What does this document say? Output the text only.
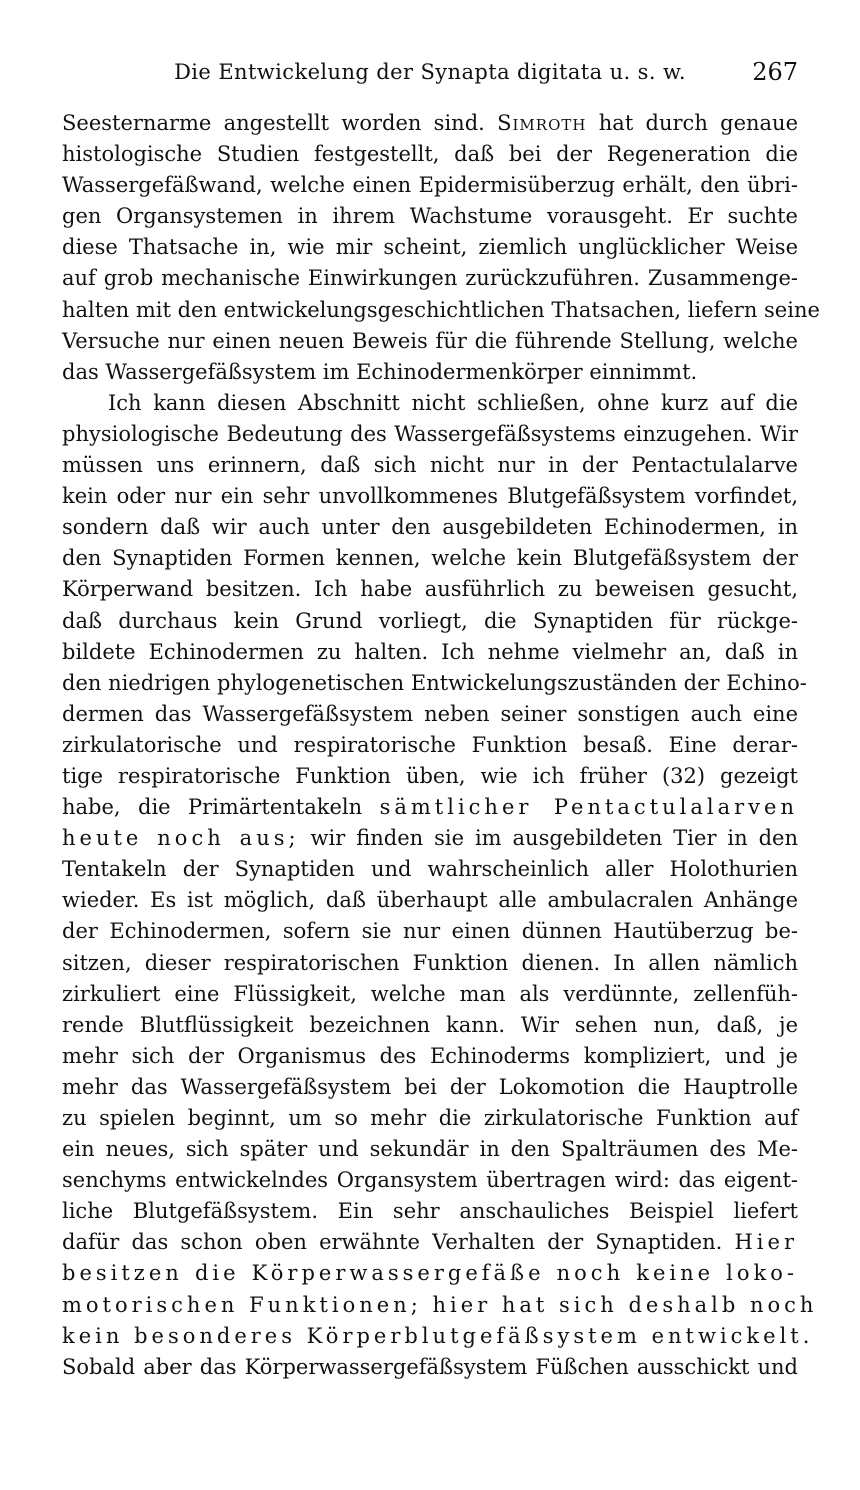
Die Entwickelung der Synapta digitata u. s. w.	267
Seesternarme angestellt worden sind. Simroth hat durch genaue
histologische Studien festgestellt, daß bei der Regeneration die
Wassergefäßwand, welche einen Epidermisüberzug erhält, den übri-
gen Organsystemen in ihrem Wachstume vorausgeht. Er suchte
diese Thatsache in, wie mir scheint, ziemlich unglücklicher Weise
auf grob mechanische Einwirkungen zurückzuführen. Zusammenge-
halten mit den entwickelungsgeschichtlichen Thatsachen, liefern seine
Versuche nur einen neuen Beweis für die führende Stellung, welche
das Wassergefäßsystem im Echinodermenkörper einnimmt.
Ich kann diesen Abschnitt nicht schließen, ohne kurz auf die
physiologische Bedeutung des Wassergefäßsystems einzugehen. Wir
müssen uns erinnern, daß sich nicht nur in der Pentactulalarve
kein oder nur ein sehr unvollkommenes Blutgefäßsystem vorfindet,
sondern daß wir auch unter den ausgebildeten Echinodermen, in
den Synaptiden Formen kennen, welche kein Blutgefäßsystem der
Körperwand besitzen. Ich habe ausführlich zu beweisen gesucht,
daß durchaus kein Grund vorliegt, die Synaptiden für rückge-
bildete Echinodermen zu halten. Ich nehme vielmehr an, daß in
den niedrigen phylogenetischen Entwickelungszuständen der Echino-
dermen das Wassergefäßsystem neben seiner sonstigen auch eine
zirkulatorische und respiratorische Funktion besaß. Eine derar-
tige respiratorische Funktion üben, wie ich früher (32) gezeigt
habe, die Primärtentakeln sämtlicher Pentactulalarven
heute noch aus; wir finden sie im ausgebildeten Tier in den
Tentakeln der Synaptiden und wahrscheinlich aller Holothurien
wieder. Es ist möglich, daß überhaupt alle ambulacralen Anhänge
der Echinodermen, sofern sie nur einen dünnen Hautüberzug be-
sitzen, dieser respiratorischen Funktion dienen. In allen nämlich
zirkuliert eine Flüssigkeit, welche man als verdünnte, zellenfüh-
rende Blutflüssigkeit bezeichnen kann. Wir sehen nun, daß, je
mehr sich der Organismus des Echinoderms kompliziert, und je
mehr das Wassergefäßsystem bei der Lokomotion die Hauptrolle
zu spielen beginnt, um so mehr die zirkulatorische Funktion auf
ein neues, sich später und sekundär in den Spalträumen des Me-
senchyms entwickelndes Organsystem übertragen wird: das eigent-
liche Blutgefäßsystem. Ein sehr anschauliches Beispiel liefert
dafür das schon oben erwähnte Verhalten der Synaptiden. Hier
besitzen die Körperwassergefäße noch keine loko-
motorischen Funktionen; hier hat sich deshalb noch
kein besonderes Körperblutgefäßsystem entwickelt.
Sobald aber das Körperwassergefäßsystem Füßchen ausschickt und
